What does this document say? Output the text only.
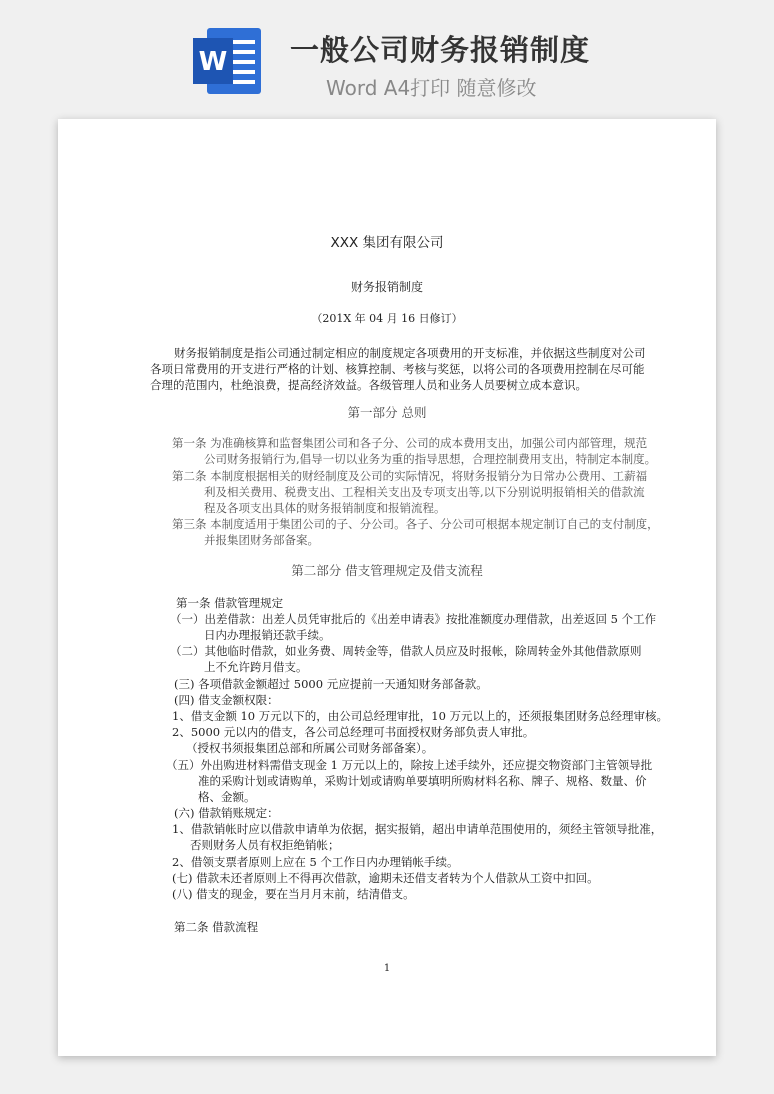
W 一般公司财务报销制度
Word A4打印 随意修改
XXX 集团有限公司
财务报销制度
（201X 年 04 月 16 日修订）
财务报销制度是指公司通过制定相应的制度规定各项费用的开支标准，并依据这些制度对公司
各项日常费用的开支进行严格的计划、核算控制、考核与奖惩，以将公司的各项费用控制在尽可能
合理的范围内，杜绝浪费，提高经济效益。各级管理人员和业务人员要树立成本意识。
第一部分 总则
第一条 为准确核算和监督集团公司和各子分、公司的成本费用支出，加强公司内部管理，规范
公司财务报销行为,倡导一切以业务为重的指导思想，合理控制费用支出，特制定本制度。
第二条 本制度根据相关的财经制度及公司的实际情况，将财务报销分为日常办公费用、工薪福
利及相关费用、税费支出、工程相关支出及专项支出等,以下分别说明报销相关的借款流
程及各项支出具体的财务报销制度和报销流程。
第三条 本制度适用于集团公司的子、分公司。各子、分公司可根据本规定制订自己的支付制度，
并报集团财务部备案。
第二部分 借支管理规定及借支流程
第一条 借款管理规定
（一）出差借款：出差人员凭审批后的《出差申请表》按批准额度办理借款，出差返回 5 个工作
日内办理报销还款手续。
（二）其他临时借款，如业务费、周转金等，借款人员应及时报帐，除周转金外其他借款原则
上不允许跨月借支。
(三) 各项借款金额超过 5000 元应提前一天通知财务部备款。
(四) 借支金额权限：
1、借支金额 10 万元以下的，由公司总经理审批，10 万元以上的，还须报集团财务总经理审核。
2、5000 元以内的借支，各公司总经理可书面授权财务部负责人审批。
（授权书须报集团总部和所属公司财务部备案）。
（五）外出购进材料需借支现金 1 万元以上的，除按上述手续外，还应提交物资部门主管领导批
准的采购计划或请购单，采购计划或请购单要填明所购材料名称、牌子、规格、数量、价
格、金额。
(六) 借款销账规定：
1、借款销帐时应以借款申请单为依据，据实报销，超出申请单范围使用的，须经主管领导批准，
否则财务人员有权拒绝销帐；
2、借领支票者原则上应在 5 个工作日内办理销帐手续。
(七) 借款未还者原则上不得再次借款，逾期未还借支者转为个人借款从工资中扣回。
(八) 借支的现金，要在当月月末前，结清借支。
第二条 借款流程
1
